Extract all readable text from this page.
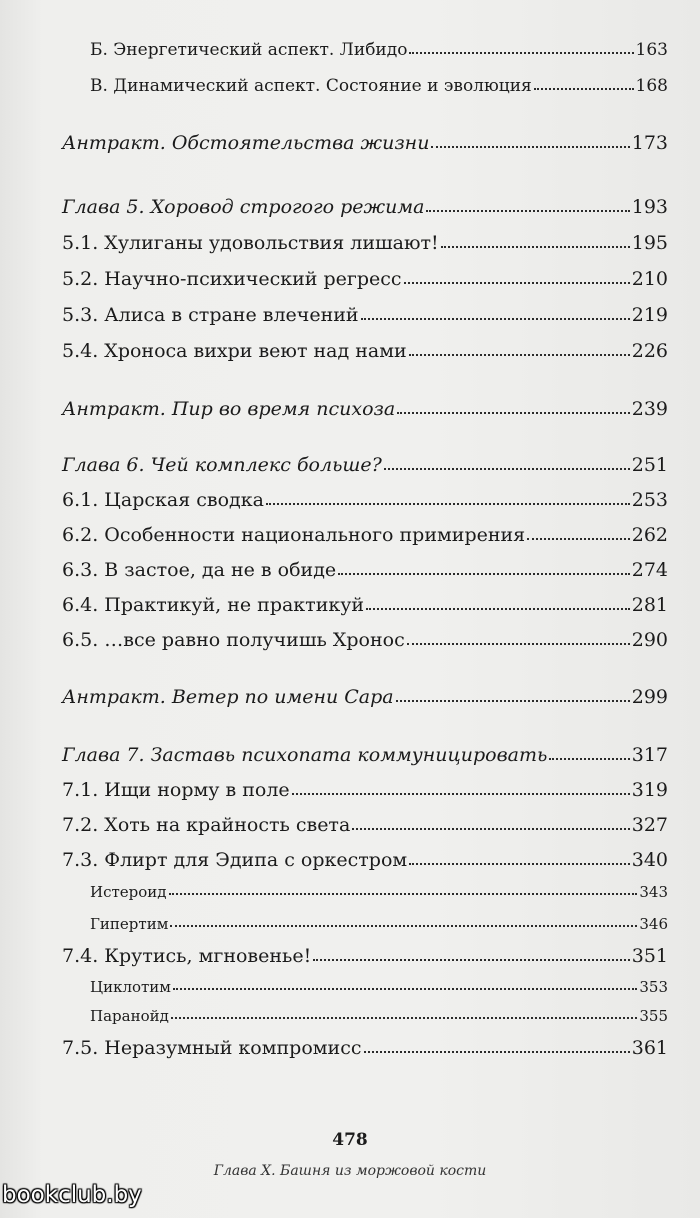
Б. Энергетический аспект. Либидо	163
В. Динамический аспект. Состояние и эволюция	168
Антракт. Обстоятельства жизни	173
Глава 5. Хоровод строгого режима	193
5.1. Хулиганы удовольствия лишают!	195
5.2. Научно-психический регресс	210
5.3. Алиса в стране влечений	219
5.4. Хроноса вихри веют над нами	226
Антракт. Пир во время психоза	239
Глава 6. Чей комплекс больше?	251
6.1. Царская сводка	253
6.2. Особенности национального примирения	262
6.3. В застое, да не в обиде	274
6.4. Практикуй, не практикуй	281
6.5. …все равно получишь Хронос	290
Антракт. Ветер по имени Сара	299
Глава 7. Заставь психопата коммуницировать	317
7.1. Ищи норму в поле	319
7.2. Хоть на крайность света	327
7.3. Флирт для Эдипа с оркестром	340
Истероид	343
Гипертим	346
7.4. Крутись, мгновенье!	351
Циклотим	353
Паранойд	355
7.5. Неразумный компромисс	361
478
Глава X. Башня из моржовой кости
bookclub.by
